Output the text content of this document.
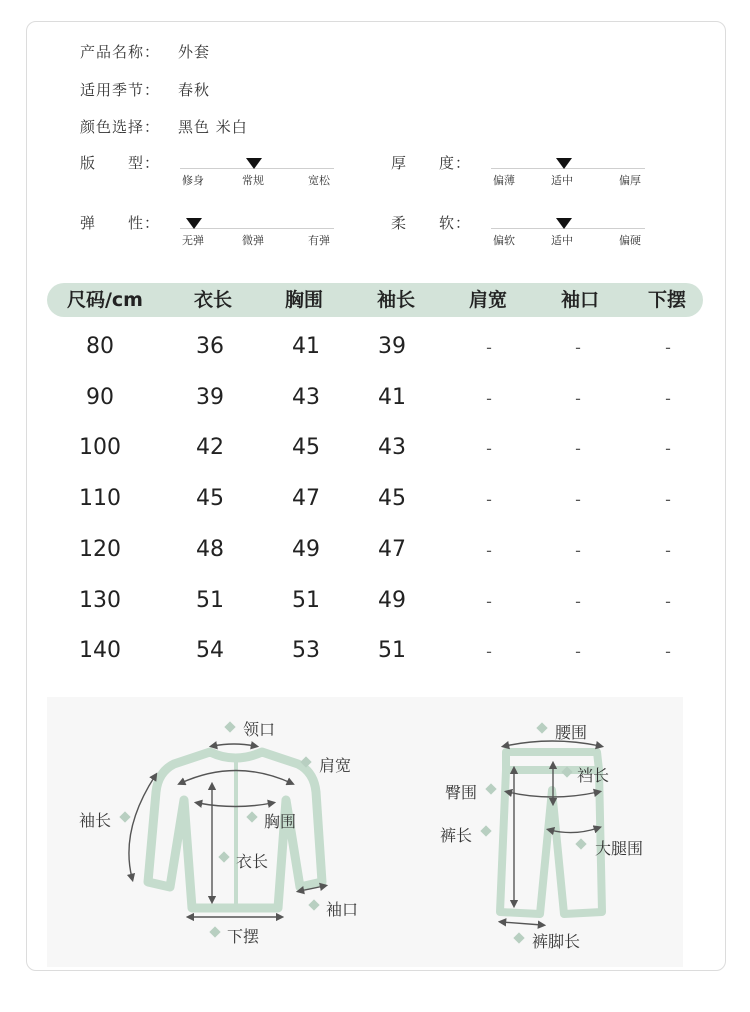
产品名称： 外套
适用季节： 春秋
颜色选择： 黑色 米白
版　　型：
修身	常规	宽松
厚　　度：
偏薄	适中	偏厚
弹　　性：
无弹	微弹	有弹
柔　　软：
偏软	适中	偏硬
尺码/cm	衣长	胸围	袖长	肩宽	袖口	下摆
80	36	41	39	-	-	-
90	39	43	41	-	-	-
100	42	45	43	-	-	-
110	45	47	45	-	-	-
120	48	49	47	-	-	-
130	51	51	49	-	-	-
140	54	53	51	-	-	-
领口
肩宽
袖长	胸围
衣长
袖口
下摆
腰围
裆长
臀围
裤长
大腿围
裤脚长
